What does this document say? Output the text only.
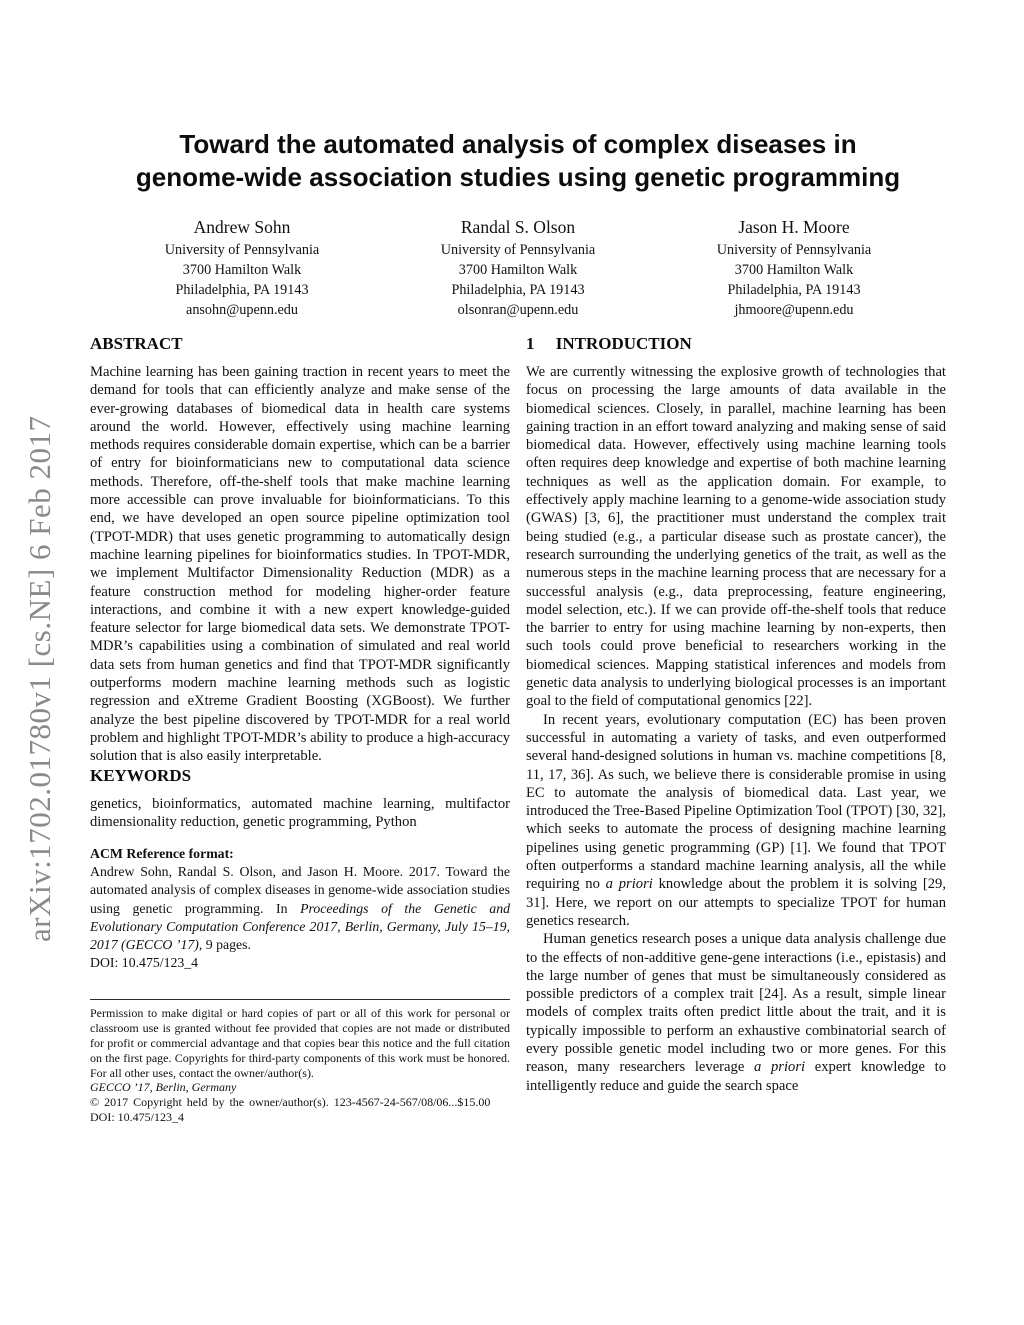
arXiv:1702.01780v1 [cs.NE] 6 Feb 2017
Toward the automated analysis of complex diseases in
genome-wide association studies using genetic programming
Andrew Sohn
University of Pennsylvania
3700 Hamilton Walk
Philadelphia, PA 19143
ansohn@upenn.edu
Randal S. Olson
University of Pennsylvania
3700 Hamilton Walk
Philadelphia, PA 19143
olsonran@upenn.edu
Jason H. Moore
University of Pennsylvania
3700 Hamilton Walk
Philadelphia, PA 19143
jhmoore@upenn.edu
ABSTRACT

Machine learning has been gaining traction in recent years to meet the demand for tools that can efficiently analyze and make sense of the ever-growing databases of biomedical data in health care systems around the world. However, effectively using machine learning methods requires considerable domain expertise, which can be a barrier of entry for bioinformaticians new to computational data science methods. Therefore, off-the-shelf tools that make machine learning more accessible can prove invaluable for bioinformaticians. To this end, we have developed an open source pipeline optimization tool (TPOT-MDR) that uses genetic programming to automatically design machine learning pipelines for bioinformatics studies. In TPOT-MDR, we implement Multifactor Dimensionality Reduction (MDR) as a feature construction method for modeling higher-order feature interactions, and combine it with a new expert knowledge-guided feature selector for large biomedical data sets. We demonstrate TPOT-MDR’s capabilities using a combination of simulated and real world data sets from human genetics and find that TPOT-MDR significantly outperforms modern machine learning methods such as logistic regression and eXtreme Gradient Boosting (XGBoost). We further analyze the best pipeline discovered by TPOT-MDR for a real world problem and highlight TPOT-MDR’s ability to produce a high-accuracy solution that is also easily interpretable.

KEYWORDS

genetics, bioinformatics, automated machine learning, multifactor dimensionality reduction, genetic programming, Python

ACM Reference format:

Andrew Sohn, Randal S. Olson, and Jason H. Moore. 2017. Toward the automated analysis of complex diseases in genome-wide association studies using genetic programming. In Proceedings of the Genetic and Evolutionary Computation Conference 2017, Berlin, Germany, July 15–19, 2017 (GECCO ’17), 9 pages.

DOI: 10.475/123_4

Permission to make digital or hard copies of part or all of this work for personal or classroom use is granted without fee provided that copies are not made or distributed for profit or commercial advantage and that copies bear this notice and the full citation on the first page. Copyrights for third-party components of this work must be honored. For all other uses, contact the owner/author(s).

GECCO ’17, Berlin, Germany

© 2017 Copyright held by the owner/author(s). 123-4567-24-567/08/06...$15.00

DOI: 10.475/123_4

1 INTRODUCTION

We are currently witnessing the explosive growth of technologies that focus on processing the large amounts of data available in the biomedical sciences. Closely, in parallel, machine learning has been gaining traction in an effort toward analyzing and making sense of said biomedical data. However, effectively using machine learning tools often requires deep knowledge and expertise of both machine learning techniques as well as the application domain. For example, to effectively apply machine learning to a genome-wide association study (GWAS) [3, 6], the practitioner must understand the complex trait being studied (e.g., a particular disease such as prostate cancer), the research surrounding the underlying genetics of the trait, as well as the numerous steps in the machine learning process that are necessary for a successful analysis (e.g., data preprocessing, feature engineering, model selection, etc.). If we can provide off-the-shelf tools that reduce the barrier to entry for using machine learning by non-experts, then such tools could prove beneficial to researchers working in the biomedical sciences. Mapping statistical inferences and models from genetic data analysis to underlying biological processes is an important goal to the field of computational genomics [22].

In recent years, evolutionary computation (EC) has been proven successful in automating a variety of tasks, and even outperformed several hand-designed solutions in human vs. machine competitions [8, 11, 17, 36]. As such, we believe there is considerable promise in using EC to automate the analysis of biomedical data. Last year, we introduced the Tree-Based Pipeline Optimization Tool (TPOT) [30, 32], which seeks to automate the process of designing machine learning pipelines using genetic programming (GP) [1]. We found that TPOT often outperforms a standard machine learning analysis, all the while requiring no a priori knowledge about the problem it is solving [29, 31]. Here, we report on our attempts to specialize TPOT for human genetics research.

Human genetics research poses a unique data analysis challenge due to the effects of non-additive gene-gene interactions (i.e., epistasis) and the large number of genes that must be simultaneously considered as possible predictors of a complex trait [24]. As a result, simple linear models of complex traits often predict little about the trait, and it is typically impossible to perform an exhaustive combinatorial search of every possible genetic model including two or more genes. For this reason, many researchers leverage a priori expert knowledge to intelligently reduce and guide the search space
